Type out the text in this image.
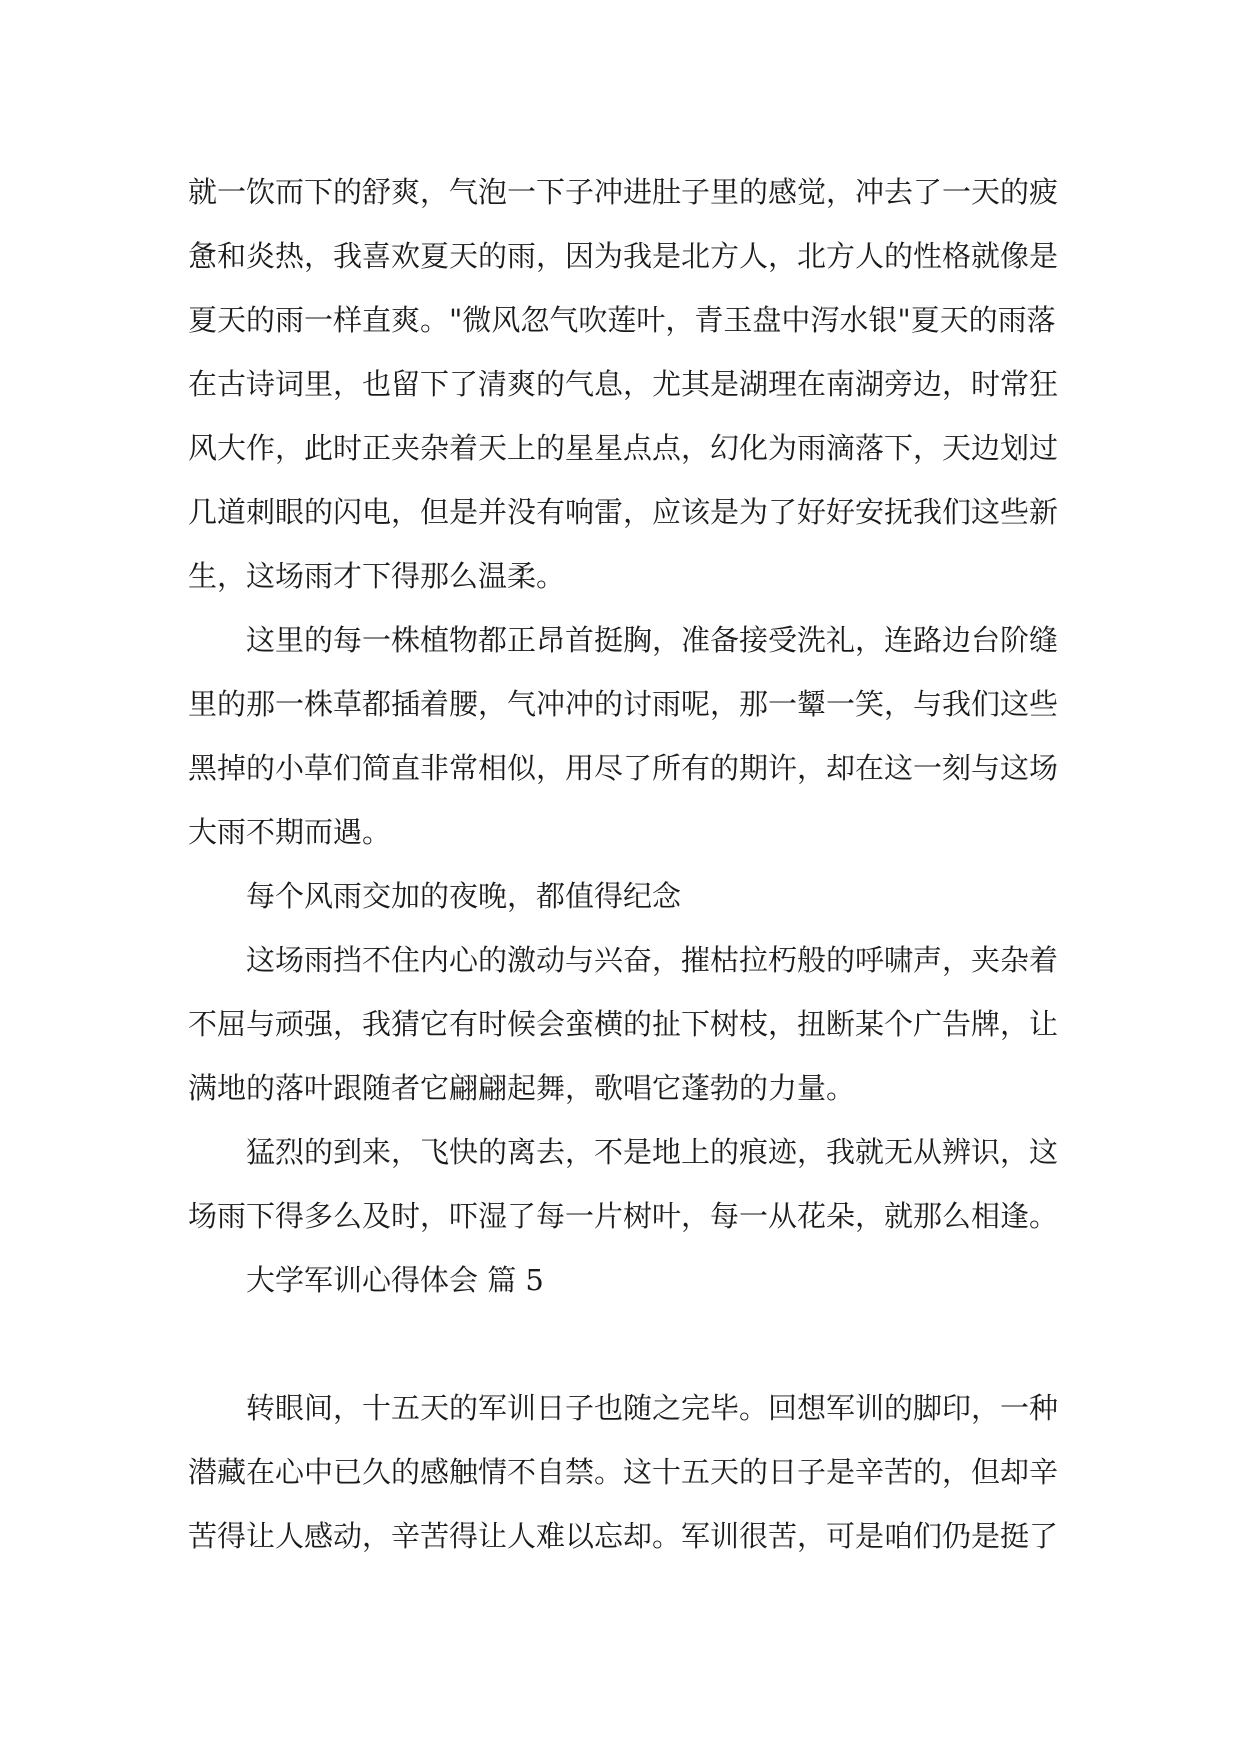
就一饮而下的舒爽，气泡一下子冲进肚子里的感觉，冲去了一天的疲
惫和炎热，我喜欢夏天的雨，因为我是北方人，北方人的性格就像是
夏天的雨一样直爽。"微风忽气吹莲叶，青玉盘中泻水银"夏天的雨落
在古诗词里，也留下了清爽的气息，尤其是湖理在南湖旁边，时常狂
风大作，此时正夹杂着天上的星星点点，幻化为雨滴落下，天边划过
几道刺眼的闪电，但是并没有响雷，应该是为了好好安抚我们这些新
生，这场雨才下得那么温柔。
这里的每一株植物都正昂首挺胸，准备接受洗礼，连路边台阶缝
里的那一株草都插着腰，气冲冲的讨雨呢，那一颦一笑，与我们这些
黑掉的小草们简直非常相似，用尽了所有的期许，却在这一刻与这场
大雨不期而遇。
每个风雨交加的夜晚，都值得纪念
这场雨挡不住内心的激动与兴奋，摧枯拉朽般的呼啸声，夹杂着
不屈与顽强，我猜它有时候会蛮横的扯下树枝，扭断某个广告牌，让
满地的落叶跟随者它翩翩起舞，歌唱它蓬勃的力量。
猛烈的到来，飞快的离去，不是地上的痕迹，我就无从辨识，这
场雨下得多么及时，吓湿了每一片树叶，每一从花朵，就那么相逢。
大学军训心得体会 篇 5
转眼间，十五天的军训日子也随之完毕。回想军训的脚印，一种
潜藏在心中已久的感触情不自禁。这十五天的日子是辛苦的，但却辛
苦得让人感动，辛苦得让人难以忘却。军训很苦，可是咱们仍是挺了
